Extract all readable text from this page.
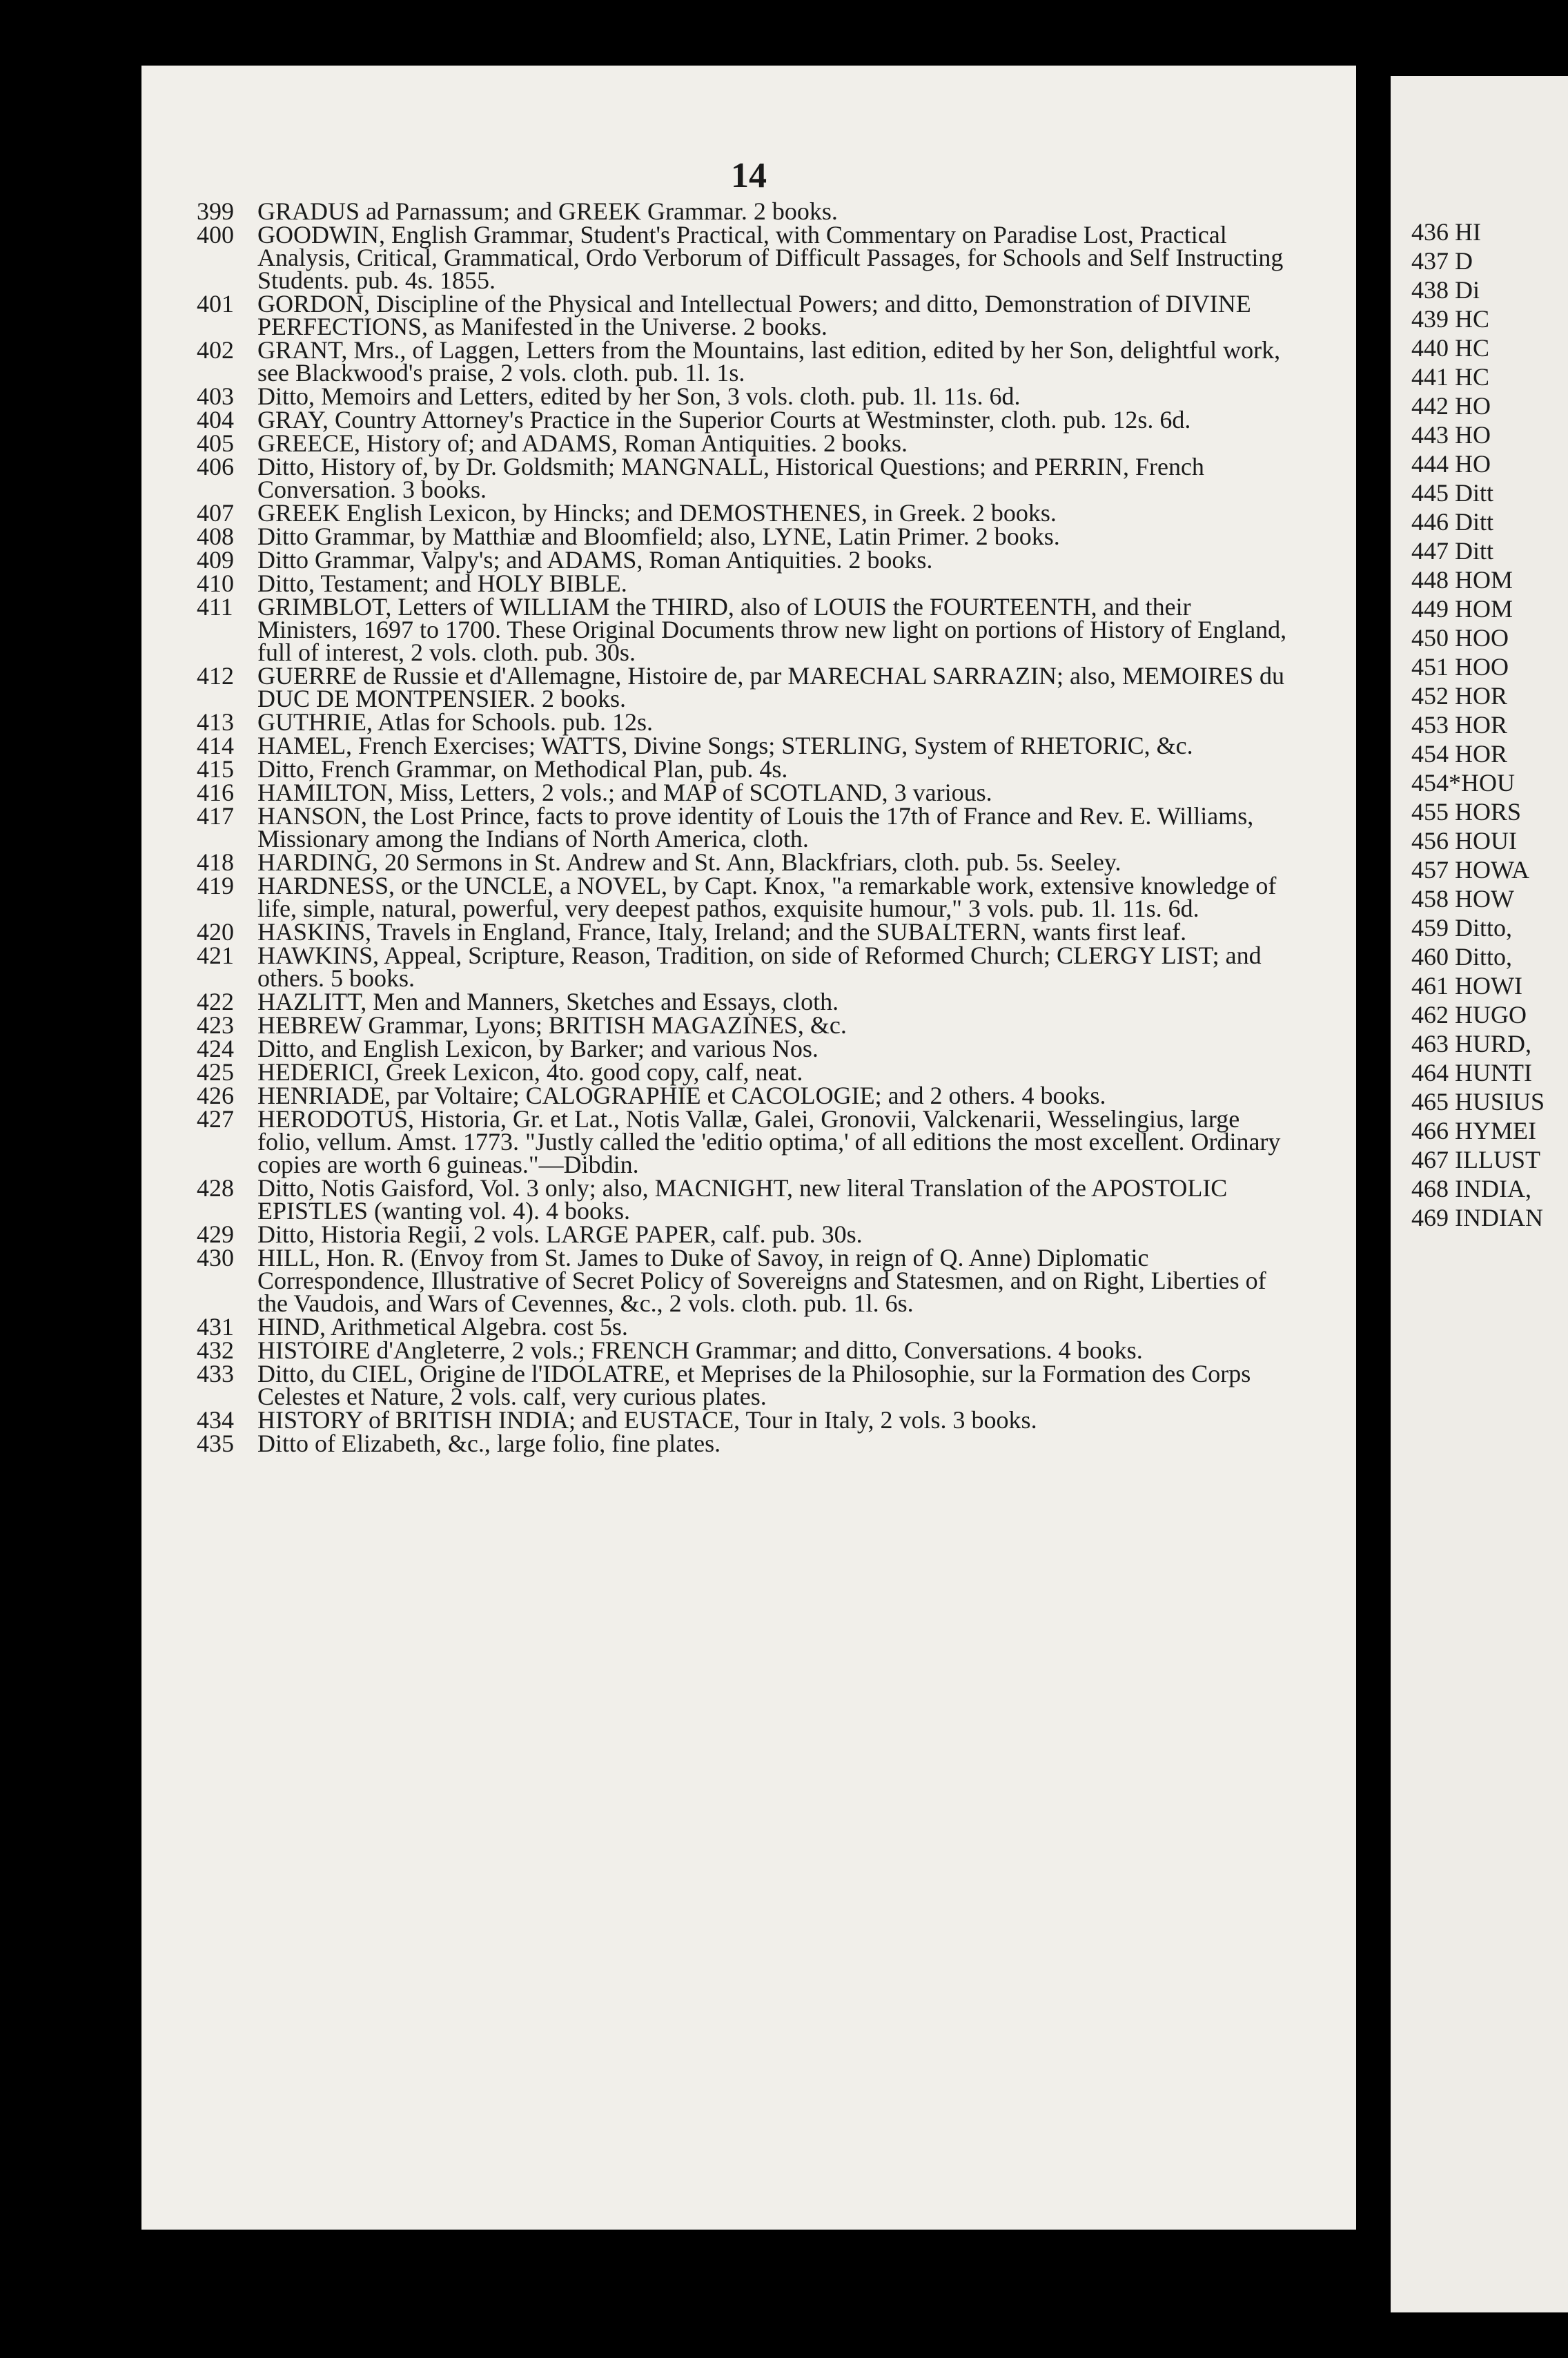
14
399 GRADUS ad Parnassum; and GREEK Grammar. 2 books.
400 GOODWIN, English Grammar, Student's Practical, with Commentary on Paradise Lost, Practical Analysis, Critical, Grammatical, Ordo Verborum of Difficult Passages, for Schools and Self Instructing Students. pub. 4s. 1855.
401 GORDON, Discipline of the Physical and Intellectual Powers; and ditto, Demonstration of DIVINE PERFECTIONS, as Manifested in the Universe. 2 books.
402 GRANT, Mrs., of Laggen, Letters from the Mountains, last edition, edited by her Son, delightful work, see Blackwood's praise, 2 vols. cloth. pub. 1l. 1s.
403 Ditto, Memoirs and Letters, edited by her Son, 3 vols. cloth. pub. 1l. 11s. 6d.
404 GRAY, Country Attorney's Practice in the Superior Courts at Westminster, cloth. pub. 12s. 6d.
405 GREECE, History of; and ADAMS, Roman Antiquities. 2 books.
406 Ditto, History of, by Dr. Goldsmith; MANGNALL, Historical Questions; and PERRIN, French Conversation. 3 books.
407 GREEK English Lexicon, by Hincks; and DEMOSTHENES, in Greek. 2 books.
408 Ditto Grammar, by Matthiæ and Bloomfield; also, LYNE, Latin Primer. 2 books.
409 Ditto Grammar, Valpy's; and ADAMS, Roman Antiquities. 2 books.
410 Ditto, Testament; and HOLY BIBLE.
411 GRIMBLOT, Letters of WILLIAM the THIRD, also of LOUIS the FOURTEENTH, and their Ministers, 1697 to 1700. These Original Documents throw new light on portions of History of England, full of interest, 2 vols. cloth. pub. 30s.
412 GUERRE de Russie et d'Allemagne, Histoire de, par MARECHAL SARRAZIN; also, MEMOIRES du DUC DE MONTPENSIER. 2 books.
413 GUTHRIE, Atlas for Schools. pub. 12s.
414 HAMEL, French Exercises; WATTS, Divine Songs; STERLING, System of RHETORIC, &c.
415 Ditto, French Grammar, on Methodical Plan, pub. 4s.
416 HAMILTON, Miss, Letters, 2 vols.; and MAP of SCOTLAND, 3 various.
417 HANSON, the Lost Prince, facts to prove identity of Louis the 17th of France and Rev. E. Williams, Missionary among the Indians of North America, cloth.
418 HARDING, 20 Sermons in St. Andrew and St. Ann, Blackfriars, cloth. pub. 5s. Seeley.
419 HARDNESS, or the UNCLE, a NOVEL, by Capt. Knox, "a remarkable work, extensive knowledge of life, simple, natural, powerful, very deepest pathos, exquisite humour," 3 vols. pub. 1l. 11s. 6d.
420 HASKINS, Travels in England, France, Italy, Ireland; and the SUBALTERN, wants first leaf.
421 HAWKINS, Appeal, Scripture, Reason, Tradition, on side of Reformed Church; CLERGY LIST; and others. 5 books.
422 HAZLITT, Men and Manners, Sketches and Essays, cloth.
423 HEBREW Grammar, Lyons; BRITISH MAGAZINES, &c.
424 Ditto, and English Lexicon, by Barker; and various Nos.
425 HEDERICI, Greek Lexicon, 4to. good copy, calf, neat.
426 HENRIADE, par Voltaire; CALOGRAPHIE et CACOLOGIE; and 2 others. 4 books.
427 HERODOTUS, Historia, Gr. et Lat., Notis Vallæ, Galei, Gronovii, Valckenarii, Wesselingius, large folio, vellum. Amst. 1773. "Justly called the 'editio optima,' of all editions the most excellent. Ordinary copies are worth 6 guineas."—Dibdin.
428 Ditto, Notis Gaisford, Vol. 3 only; also, MACNIGHT, new literal Translation of the APOSTOLIC EPISTLES (wanting vol. 4). 4 books.
429 Ditto, Historia Regii, 2 vols. LARGE PAPER, calf. pub. 30s.
430 HILL, Hon. R. (Envoy from St. James to Duke of Savoy, in reign of Q. Anne) Diplomatic Correspondence, Illustrative of Secret Policy of Sovereigns and Statesmen, and on Right, Liberties of the Vaudois, and Wars of Cevennes, &c., 2 vols. cloth. pub. 1l. 6s.
431 HIND, Arithmetical Algebra. cost 5s.
432 HISTOIRE d'Angleterre, 2 vols.; FRENCH Grammar; and ditto, Conversations. 4 books.
433 Ditto, du CIEL, Origine de l'IDOLATRE, et Meprises de la Philosophie, sur la Formation des Corps Celestes et Nature, 2 vols. calf, very curious plates.
434 HISTORY of BRITISH INDIA; and EUSTACE, Tour in Italy, 2 vols. 3 books.
435 Ditto of Elizabeth, &c., large folio, fine plates.
436 HI
437 D
438 Di
439 HC
440 HC
441 HC
442 HO
443 HO
444 HO
445 Ditt
446 Ditt
447 Ditt
448 HOM
449 HOM
450 HOO
451 HOO
452 HOR
453 HOR
454 HOR
454*HOU
455 HORS
456 HOUI
457 HOWA
458 HOW
459 Ditto,
460 Ditto,
461 HOWI
462 HUGO
463 HURD,
464 HUNTI
465 HUSIUS
466 HYMEI
467 ILLUST
468 INDIA,
469 INDIAN
